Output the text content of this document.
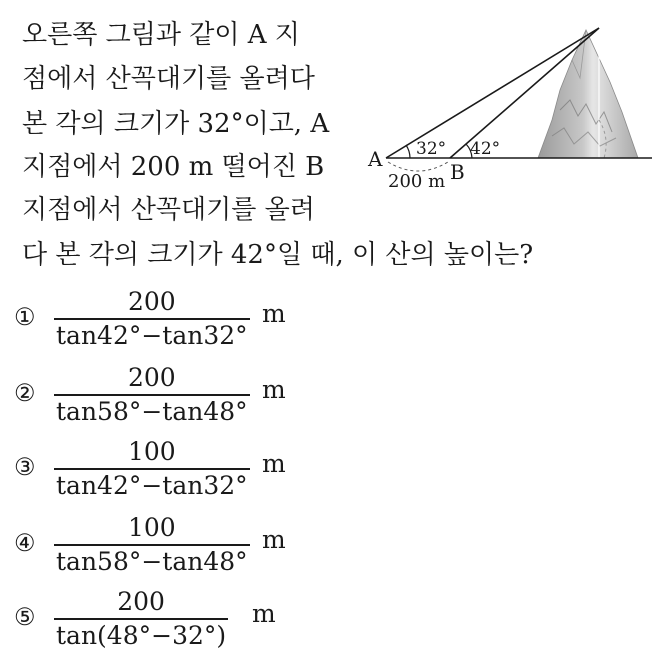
오른쪽 그림과 같이 A 지
점에서 산꼭대기를 올려다
본 각의 크기가 32°이고, A
지점에서 200 m 떨어진 B
지점에서 산꼭대기를 올려
다 본 각의 크기가 42°일 때, 이 산의 높이는?
A
B
32° 42°
200 m
①
200
tan42°−tan32°
m
②
200
tan58°−tan48°
m
③
100
tan42°−tan32°
m
④
100
tan58°−tan48°
m
⑤
200
tan(48°−32°)
m
